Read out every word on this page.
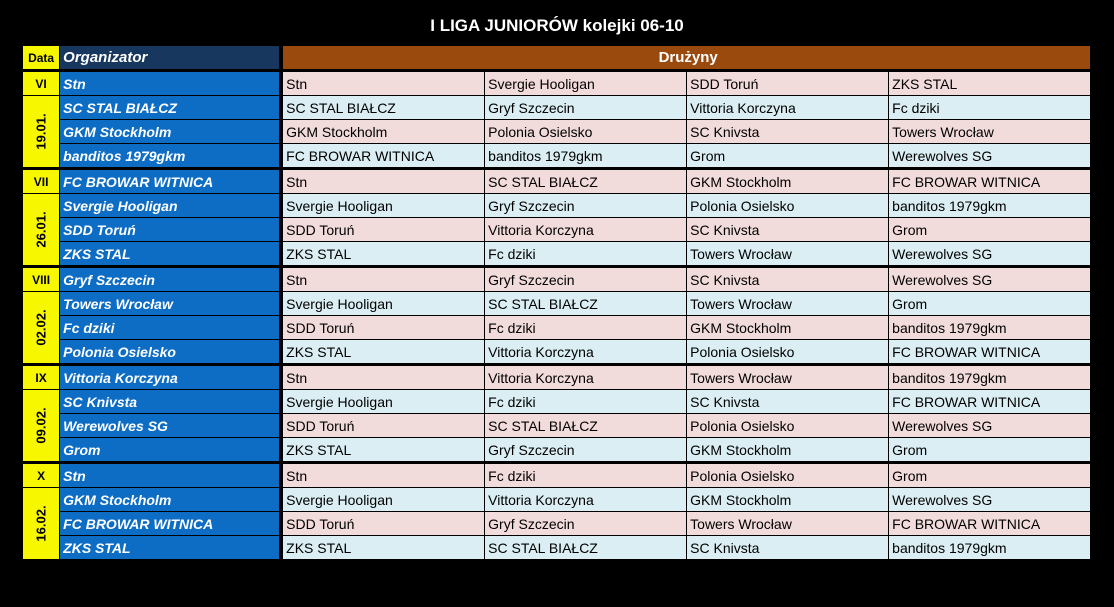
I LIGA JUNIORÓW kolejki 06-10
Data	Organizator		Drużyny			
VI	Stn		Stn	Svergie Hooligan	SDD Toruń	ZKS STAL
19.01.	SC STAL BIAŁCZ		SC STAL BIAŁCZ	Gryf Szczecin	Vittoria Korczyna	Fc dziki
	GKM Stockholm		GKM Stockholm	Polonia Osielsko	SC Knivsta	Towers Wrocław
	banditos 1979gkm		FC BROWAR WITNICA	banditos 1979gkm	Grom	Werewolves SG
VII	FC BROWAR WITNICA		Stn	SC STAL BIAŁCZ	GKM Stockholm	FC BROWAR WITNICA
26.01.	Svergie Hooligan		Svergie Hooligan	Gryf Szczecin	Polonia Osielsko	banditos 1979gkm
	SDD Toruń		SDD Toruń	Vittoria Korczyna	SC Knivsta	Grom
	ZKS STAL		ZKS STAL	Fc dziki	Towers Wrocław	Werewolves SG
VIII	Gryf Szczecin		Stn	Gryf Szczecin	SC Knivsta	Werewolves SG
02.02.	Towers Wrocław		Svergie Hooligan	SC STAL BIAŁCZ	Towers Wrocław	Grom
	Fc dziki		SDD Toruń	Fc dziki	GKM Stockholm	banditos 1979gkm
	Polonia Osielsko		ZKS STAL	Vittoria Korczyna	Polonia Osielsko	FC BROWAR WITNICA
IX	Vittoria Korczyna		Stn	Vittoria Korczyna	Towers Wrocław	banditos 1979gkm
09.02.	SC Knivsta		Svergie Hooligan	Fc dziki	SC Knivsta	FC BROWAR WITNICA
	Werewolves SG		SDD Toruń	SC STAL BIAŁCZ	Polonia Osielsko	Werewolves SG
	Grom		ZKS STAL	Gryf Szczecin	GKM Stockholm	Grom
X	Stn		Stn	Fc dziki	Polonia Osielsko	Grom
16.02.	GKM Stockholm		Svergie Hooligan	Vittoria Korczyna	GKM Stockholm	Werewolves SG
	FC BROWAR WITNICA		SDD Toruń	Gryf Szczecin	Towers Wrocław	FC BROWAR WITNICA
	ZKS STAL		ZKS STAL	SC STAL BIAŁCZ	SC Knivsta	banditos 1979gkm
